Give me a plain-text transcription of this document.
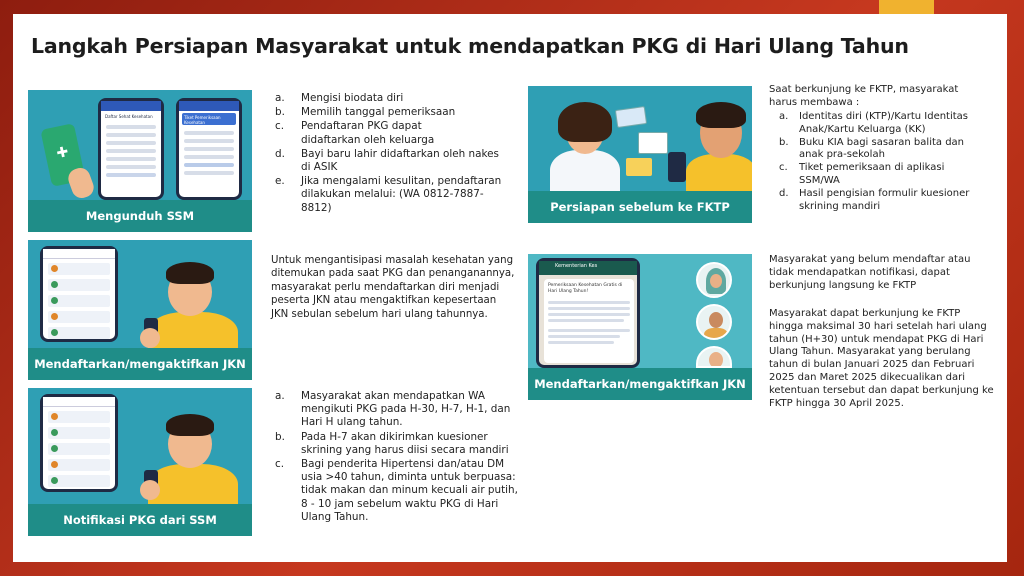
Langkah Persiapan Masyarakat untuk mendapatkan PKG di Hari Ulang Tahun
✚
Daftar Sehat Kesehatan	Tiket Pemeriksaan Kesehatan
Mengunduh SSM
Mendaftarkan/mengaktifkan JKN
Notifikasi PKG dari SSM
a.	Mengisi biodata diri
b.	Memilih tanggal pemeriksaan
c.	Pendaftaran PKG dapat didaftarkan oleh keluarga
d.	Bayi baru lahir didaftarkan oleh nakes di ASIK
e.	Jika mengalami kesulitan, pendaftaran dilakukan melalui: (WA 0812-7887-8812)
Untuk mengantisipasi masalah kesehatan yang ditemukan pada saat PKG dan penanganannya, masyarakat perlu mendaftarkan diri menjadi peserta JKN atau mengaktifkan kepesertaan JKN sebulan sebelum hari ulang tahunnya.
a.	Masyarakat akan mendapatkan WA mengikuti PKG pada H-30, H-7, H-1, dan Hari H ulang tahun.
b.	Pada H-7 akan dikirimkan kuesioner skrining yang harus diisi secara mandiri
c.	Bagi penderita Hipertensi dan/atau DM usia >40 tahun, diminta untuk berpuasa: tidak makan dan minum kecuali air putih, 8 - 10 jam sebelum waktu PKG di Hari Ulang Tahun.
Persiapan sebelum ke FKTP
Kementerian Kes
Pemeriksaan Kesehatan Gratis di Hari Ulang Tahun!
Mendaftarkan/mengaktifkan JKN
Saat berkunjung ke FKTP, masyarakat harus membawa :
a.	Identitas diri (KTP)/Kartu Identitas Anak/Kartu Keluarga (KK)
b.	Buku KIA bagi sasaran balita dan anak pra-sekolah
c.	Tiket pemeriksaan di aplikasi SSM/WA
d.	Hasil pengisian formulir kuesioner skrining mandiri
Masyarakat yang belum mendaftar atau tidak mendapatkan notifikasi, dapat berkunjung langsung ke FKTP
Masyarakat dapat berkunjung ke FKTP hingga maksimal 30 hari setelah hari ulang tahun (H+30) untuk mendapat PKG di Hari Ulang Tahun. Masyarakat yang berulang tahun di bulan Januari 2025 dan Februari 2025 dan Maret 2025 dikecualikan dari ketentuan tersebut dan dapat berkunjung ke FKTP hingga 30 April 2025.
